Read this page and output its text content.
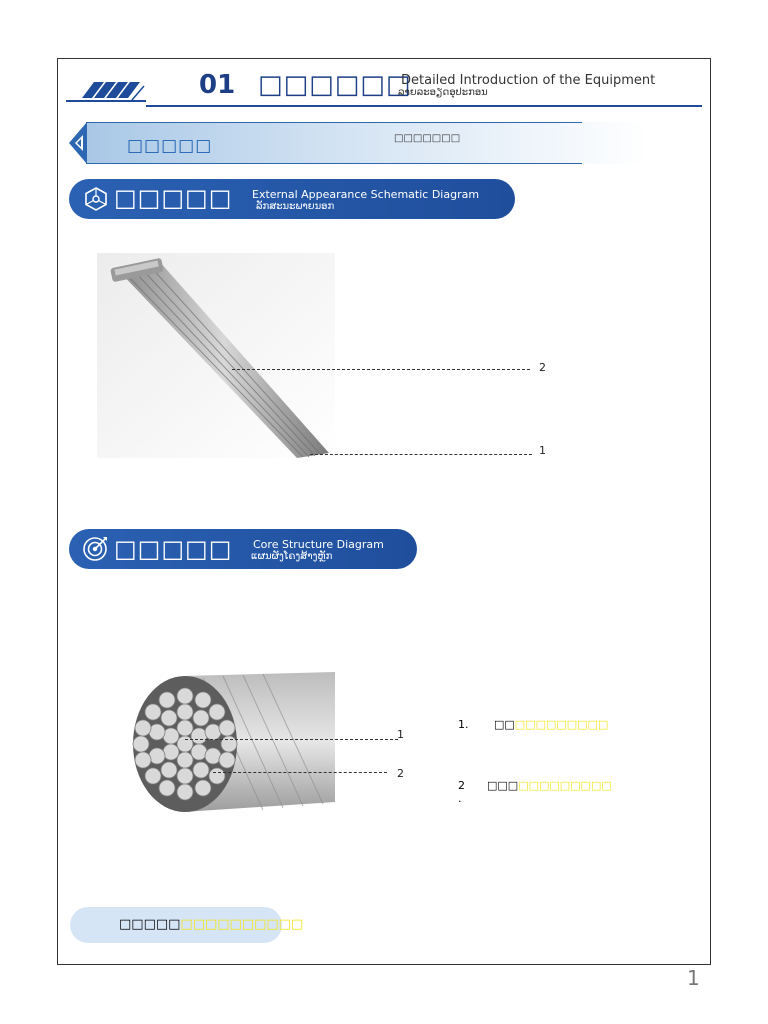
01 □□□□□□
Detailed Introduction of the Equipment
ລາຍລະອຽດອຸປະກອນ
□□□□□	□□□□□□□
□□□□□ External Appearance Schematic Diagram
ລັກສະນະພາຍນອກ
2
1
□□□□□ Core Structure Diagram
ແຜນຜັງໂຄງສ້າງຫຼັກ
1
2
1. □□□□□□□□□□□
2
.
□□□□□□□□□□□□
□□□□□□□□□□□□□□□
1
